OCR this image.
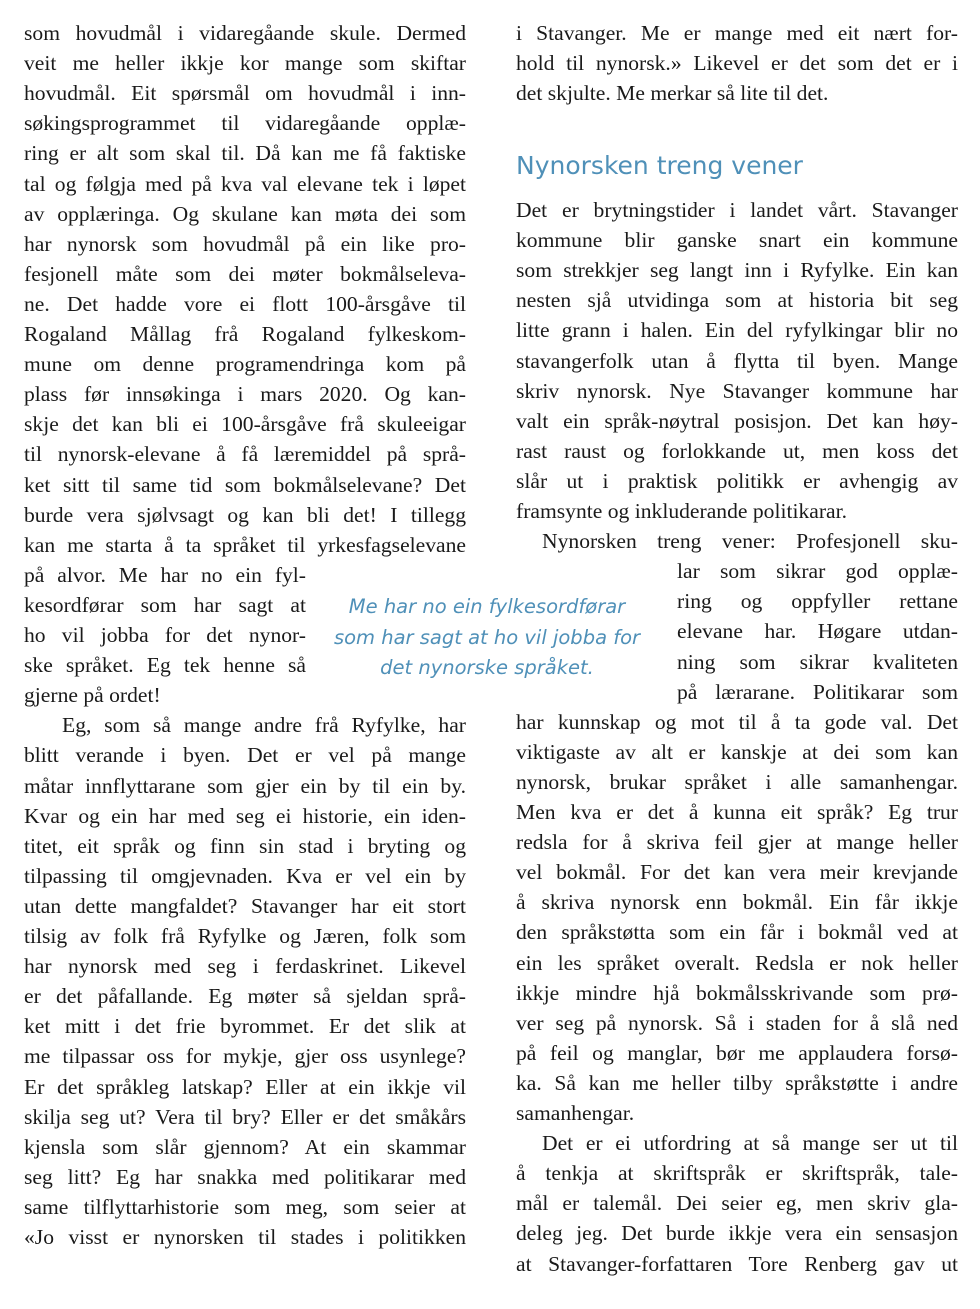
som hovudmål i vidaregåande skule. Dermed
veit me heller ikkje kor mange som skiftar
hovudmål. Eit spørsmål om hovudmål i inn-
søkingsprogrammet til vidaregåande opplæ-
ring er alt som skal til. Då kan me få faktiske
tal og følgja med på kva val elevane tek i løpet
av opplæringa. Og skulane kan møta dei som
har nynorsk som hovudmål på ein like pro-
fesjonell måte som dei møter bokmålseleva-
ne. Det hadde vore ei flott 100-årsgåve til
Rogaland Mållag frå Rogaland fylkeskom-
mune om denne programendringa kom på
plass før innsøkinga i mars 2020. Og kan-
skje det kan bli ei 100-årsgåve frå skuleeigar
til nynorsk-elevane å få læremiddel på språ-
ket sitt til same tid som bokmålselevane? Det
burde vera sjølvsagt og kan bli det! I tillegg
kan me starta å ta språket til yrkesfagselevane
på alvor. Me har no ein fyl-
kesordførar som har sagt at
ho vil jobba for det nynor-
ske språket. Eg tek henne så
gjerne på ordet!
Eg, som så mange andre frå Ryfylke, har
blitt verande i byen. Det er vel på mange
måtar innflyttarane som gjer ein by til ein by.
Kvar og ein har med seg ei historie, ein iden-
titet, eit språk og finn sin stad i bryting og
tilpassing til omgjevnaden. Kva er vel ein by
utan dette mangfaldet? Stavanger har eit stort
tilsig av folk frå Ryfylke og Jæren, folk som
har nynorsk med seg i ferdaskrinet. Likevel
er det påfallande. Eg møter så sjeldan språ-
ket mitt i det frie byrommet. Er det slik at
me tilpassar oss for mykje, gjer oss usynlege?
Er det språkleg latskap? Eller at ein ikkje vil
skilja seg ut? Vera til bry? Eller er det småkårs
kjensla som slår gjennom? At ein skammar
seg litt? Eg har snakka med politikarar med
same tilflyttarhistorie som meg, som seier at
«Jo visst er nynorsken til stades i politikken
i Stavanger. Me er mange med eit nært for-
hold til nynorsk.» Likevel er det som det er i
det skjulte. Me merkar så lite til det.
Det er brytningstider i landet vårt. Stavanger
kommune blir ganske snart ein kommune
som strekkjer seg langt inn i Ryfylke. Ein kan
nesten sjå utvidinga som at historia bit seg
litte grann i halen. Ein del ryfylkingar blir no
stavangerfolk utan å flytta til byen. Mange
skriv nynorsk. Nye Stavanger kommune har
valt ein språk-nøytral posisjon. Det kan høy-
rast raust og forlokkande ut, men koss det
slår ut i praktisk politikk er avhengig av
framsynte og inkluderande politikarar.
Nynorsken treng vener: Profesjonell sku-
lar som sikrar god opplæ-
ring og oppfyller rettane
elevane har. Høgare utdan-
ning som sikrar kvaliteten
på lærarane. Politikarar som
har kunnskap og mot til å ta gode val. Det
viktigaste av alt er kanskje at dei som kan
nynorsk, brukar språket i alle samanhengar.
Men kva er det å kunna eit språk? Eg trur
redsla for å skriva feil gjer at mange heller
vel bokmål. For det kan vera meir krevjande
å skriva nynorsk enn bokmål. Ein får ikkje
den språkstøtta som ein får i bokmål ved at
ein les språket overalt. Redsla er nok heller
ikkje mindre hjå bokmålsskrivande som prø-
ver seg på nynorsk. Så i staden for å slå ned
på feil og manglar, bør me applaudera forsø-
ka. Så kan me heller tilby språkstøtte i andre
samanhengar.
Det er ei utfordring at så mange ser ut til
å tenkja at skriftspråk er skriftspråk, tale-
mål er talemål. Dei seier eg, men skriv gla-
deleg jeg. Det burde ikkje vera ein sensasjon
at Stavanger-forfattaren Tore Renberg gav ut
Nynorsken treng vener
Me har no ein fylkesordførar
som har sagt at ho vil jobba for
det nynorske språket.
